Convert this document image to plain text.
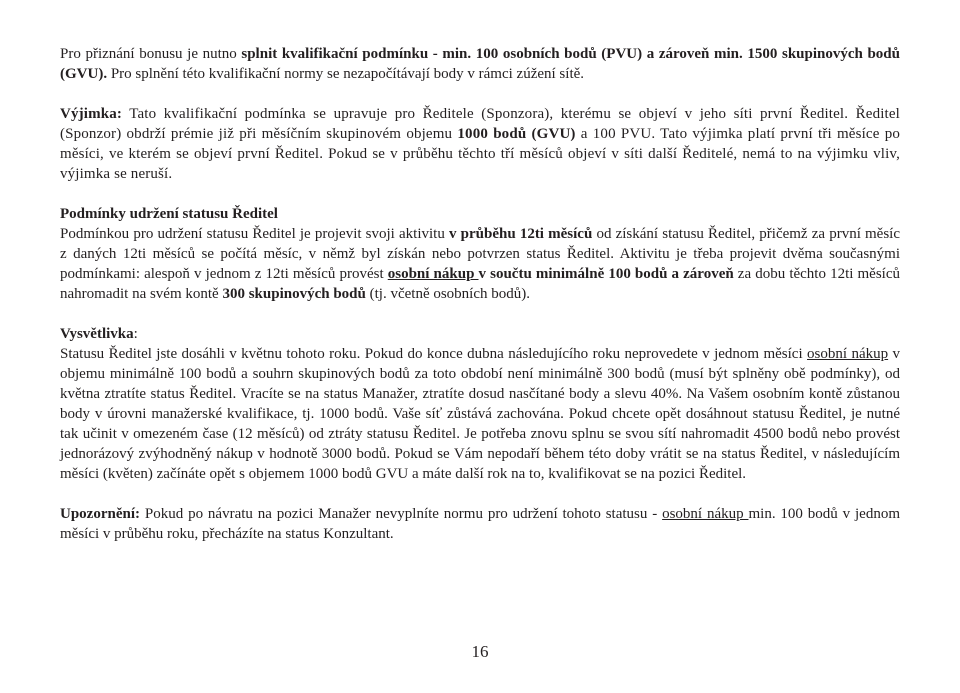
Pro přiznání bonusu je nutno splnit kvalifikační podmínku - min. 100 osobních bodů (PVU) a zároveň min. 1500 skupinových bodů (GVU). Pro splnění této kvalifikační normy se nezapočítávají body v rámci zúžení sítě.

Výjimka: Tato kvalifikační podmínka se upravuje pro Ředitele (Sponzora), kterému se objeví v jeho síti první Ředitel. Ředitel (Sponzor) obdrží prémie již při měsíčním skupinovém objemu 1000 bodů (GVU) a 100 PVU. Tato výjimka platí první tři měsíce po měsíci, ve kterém se objeví první Ředitel. Pokud se v průběhu těchto tří měsíců objeví v síti další Ředitelé, nemá to na výjimku vliv, výjimka se neruší.

Podmínky udržení statusu Ředitel

Podmínkou pro udržení statusu Ředitel je projevit svoji aktivitu v průběhu 12ti měsíců od získání statusu Ředitel, přičemž za první měsíc z daných 12ti měsíců se počítá měsíc, v němž byl získán nebo potvrzen status Ředitel. Aktivitu je třeba projevit dvěma současnými podmínkami: alespoň v jednom z 12ti měsíců provést osobní nákup v součtu minimálně 100 bodů a zároveň za dobu těchto 12ti měsíců nahromadit na svém kontě 300 skupinových bodů (tj. včetně osobních bodů).

Vysvětlivka:

Statusu Ředitel jste dosáhli v květnu tohoto roku. Pokud do konce dubna následujícího roku neprovedete v jednom měsíci osobní nákup v objemu minimálně 100 bodů a souhrn skupinových bodů za toto období není minimálně 300 bodů (musí být splněny obě podmínky), od května ztratíte status Ředitel. Vracíte se na status Manažer, ztratíte dosud nasčítané body a slevu 40%. Na Vašem osobním kontě zůstanou body v úrovni manažerské kvalifikace, tj. 1000 bodů. Vaše síť zůstává zachována. Pokud chcete opět dosáhnout statusu Ředitel, je nutné tak učinit v omezeném čase (12 měsíců) od ztráty statusu Ředitel. Je potřeba znovu splnu se svou sítí nahromadit 4500 bodů nebo provést jednorázový zvýhodněný nákup v hodnotě 3000 bodů. Pokud se Vám nepodaří během této doby vrátit se na status Ředitel, v následujícím měsíci (květen) začínáte opět s objemem 1000 bodů GVU a máte další rok na to, kvalifikovat se na pozici Ředitel.

Upozornění: Pokud po návratu na pozici Manažer nevyplníte normu pro udržení tohoto statusu - osobní nákup min. 100 bodů v jednom měsíci v průběhu roku, přecházíte na status Konzultant.

16
